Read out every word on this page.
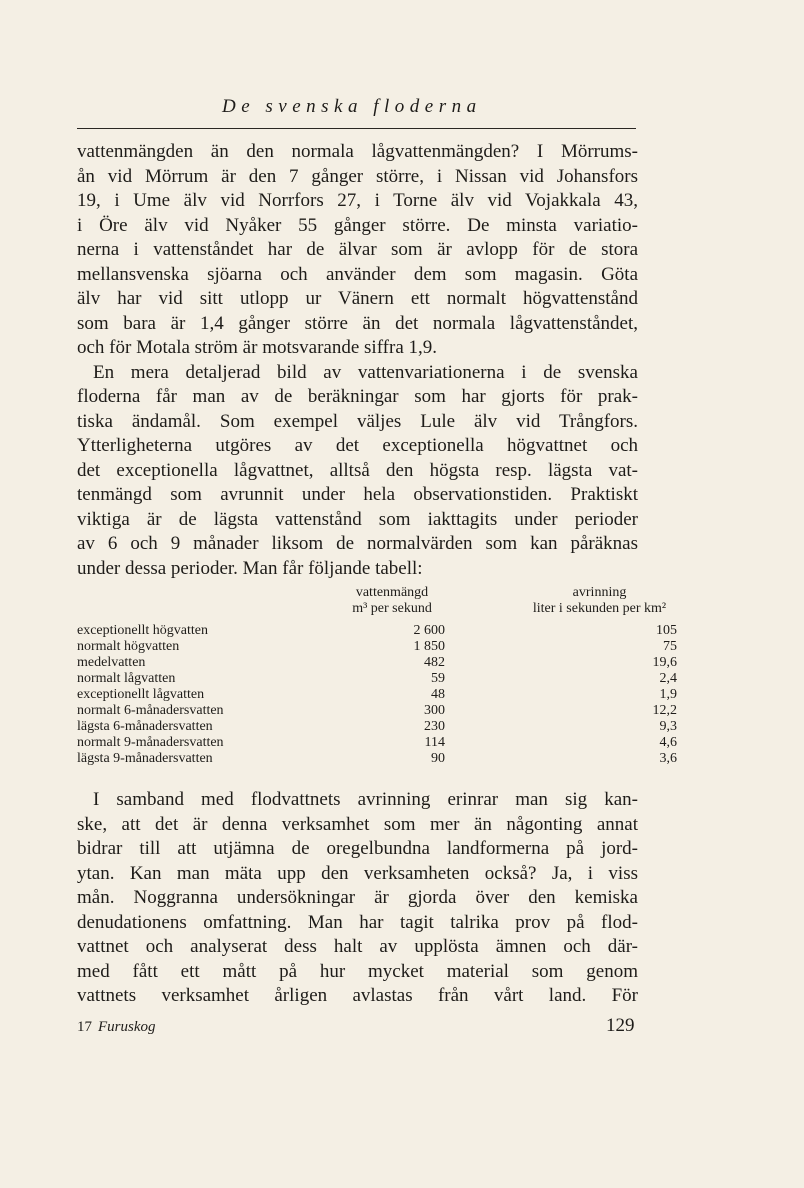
De svenska floderna
vattenmängden än den normala lågvattenmängden? I Mörrums-
ån vid Mörrum är den 7 gånger större, i Nissan vid Johansfors
19, i Ume älv vid Norrfors 27, i Torne älv vid Vojakkala 43,
i Öre älv vid Nyåker 55 gånger större. De minsta variatio-
nerna i vattenståndet har de älvar som är avlopp för de stora
mellansvenska sjöarna och använder dem som magasin. Göta
älv har vid sitt utlopp ur Vänern ett normalt högvattenstånd
som bara är 1,4 gånger större än det normala lågvattenståndet,
och för Motala ström är motsvarande siffra 1,9.
En mera detaljerad bild av vattenvariationerna i de svenska
floderna får man av de beräkningar som har gjorts för prak-
tiska ändamål. Som exempel väljes Lule älv vid Trångfors.
Ytterligheterna utgöres av det exceptionella högvattnet och
det exceptionella lågvattnet, alltså den högsta resp. lägsta vat-
tenmängd som avrunnit under hela observationstiden. Praktiskt
viktiga är de lägsta vattenstånd som iakttagits under perioder
av 6 och 9 månader liksom de normalvärden som kan påräknas
under dessa perioder. Man får följande tabell:
	vattenmängd	avrinning
	m³ per sekund	liter i sekunden per km²

exceptionellt högvatten	2 600	105
normalt högvatten	1 850	75
medelvatten	482	19,6
normalt lågvatten	59	2,4
exceptionellt lågvatten	48	1,9
normalt 6-månadersvatten	300	12,2
lägsta 6-månadersvatten	230	9,3
normalt 9-månadersvatten	114	4,6
lägsta 9-månadersvatten	90	3,6
I samband med flodvattnets avrinning erinrar man sig kan-
ske, att det är denna verksamhet som mer än någonting annat
bidrar till att utjämna de oregelbundna landformerna på jord-
ytan. Kan man mäta upp den verksamheten också? Ja, i viss
mån. Noggranna undersökningar är gjorda över den kemiska
denudationens omfattning. Man har tagit talrika prov på flod-
vattnet och analyserat dess halt av upplösta ämnen och där-
med fått ett mått på hur mycket material som genom
vattnets verksamhet årligen avlastas från vårt land. För
17 Furuskog	129
